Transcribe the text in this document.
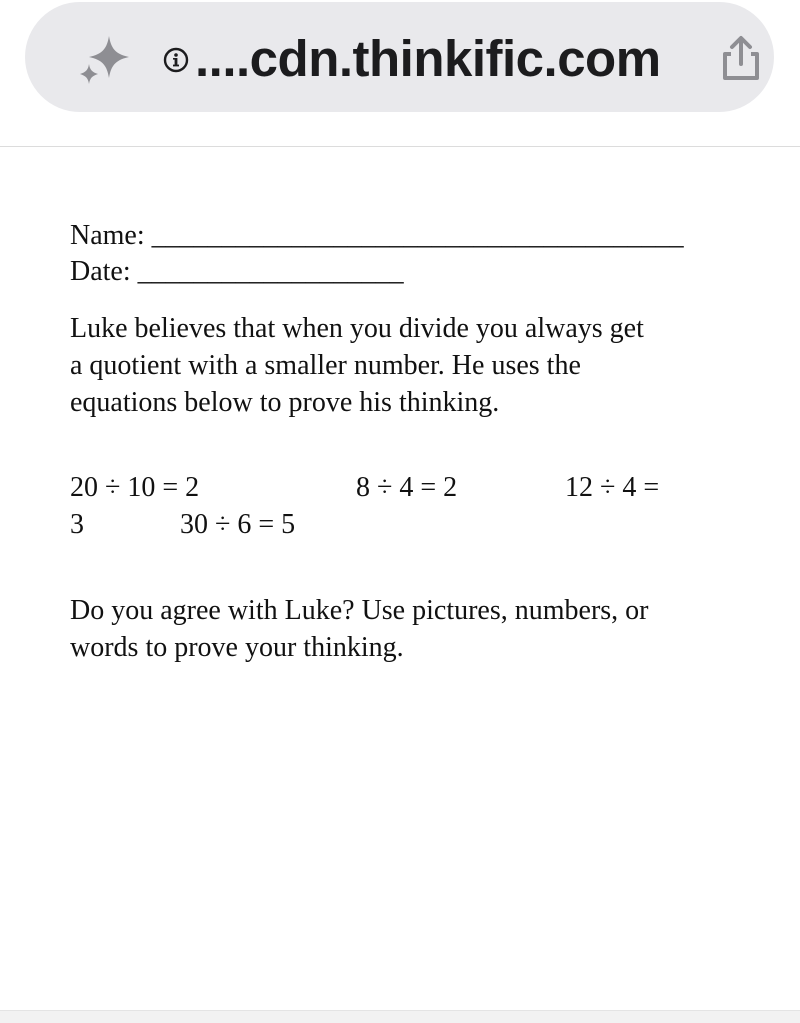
....cdn.thinkific.com
Name: ______________________________________
Date: ___________________
Luke believes that when you divide you always get
a quotient with a smaller number. He uses the
equations below to prove his thinking.
20 ÷ 10 = 2	8 ÷ 4 = 2	12 ÷ 4 =
3	30 ÷ 6 = 5
Do you agree with Luke? Use pictures, numbers, or
words to prove your thinking.
